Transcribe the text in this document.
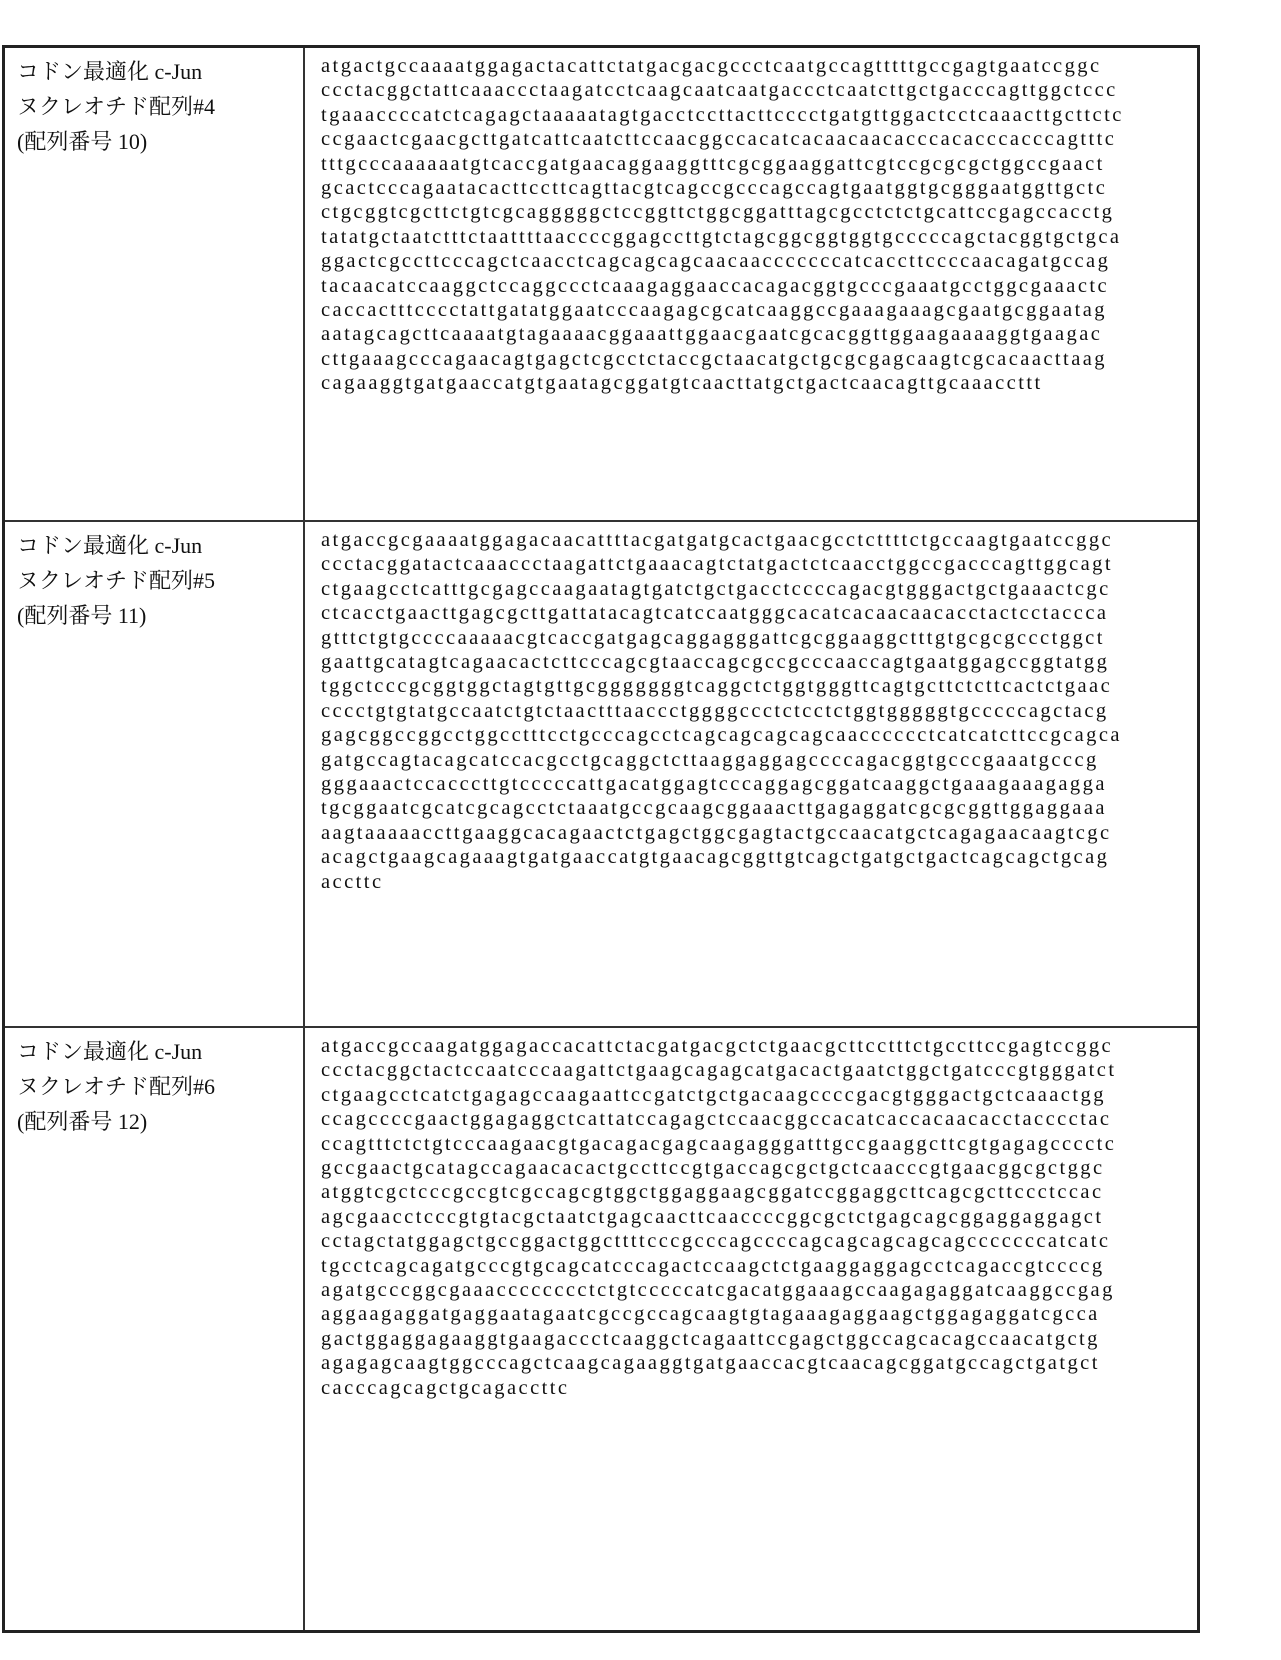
コドン最適化 c-Jun
ヌクレオチド配列#4
(配列番号 10)

atgactgccaaaatggagactacattctatgacgacgccctcaatgccagtttttgccgagtgaatccggc
ccctacggctattcaaaccctaagatcctcaagcaatcaatgaccctcaatcttgctgacccagttggctccc
tgaaaccccatctcagagctaaaaatagtgacctccttacttcccctgatgttggactcctcaaacttgcttctc
ccgaactcgaacgcttgatcattcaatcttccaacggccacatcacaacaacacccacacccacccagtttc
tttgcccaaaaaatgtcaccgatgaacaggaaggtttcgcggaaggattcgtccgcgcgctggccgaact
gcactcccagaatacacttccttcagttacgtcagccgcccagccagtgaatggtgcgggaatggttgctc
ctgcggtcgcttctgtcgcagggggctccggttctggcggatttagcgcctctctgcattccgagccacctg
tatatgctaatctttctaattttaaccccggagccttgtctagcggcggtggtgcccccagctacggtgctgca
ggactcgccttcccagctcaacctcagcagcagcaacaacccccccatcaccttccccaacagatgccag
tacaacatccaaggctccaggccctcaaagaggaaccacagacggtgcccgaaatgcctggcgaaactc
caccactttcccctattgatatggaatcccaagagcgcatcaaggccgaaagaaagcgaatgcggaatag
aatagcagcttcaaaatgtagaaaacggaaattggaacgaatcgcacggttggaagaaaaggtgaagac
cttgaaagcccagaacagtgagctcgcctctaccgctaacatgctgcgcgagcaagtcgcacaacttaag
cagaaggtgatgaaccatgtgaatagcggatgtcaacttatgctgactcaacagttgcaaaccttt

コドン最適化 c-Jun
ヌクレオチド配列#5
(配列番号 11)

atgaccgcgaaaatggagacaacattttacgatgatgcactgaacgcctcttttctgccaagtgaatccggc
ccctacggatactcaaaccctaagattctgaaacagtctatgactctcaacctggccgacccagttggcagt
ctgaagcctcatttgcgagccaagaatagtgatctgctgacctccccagacgtgggactgctgaaactcgc
ctcacctgaacttgagcgcttgattatacagtcatccaatgggcacatcacaacaacacctactcctaccca
gtttctgtgccccaaaaacgtcaccgatgagcaggagggattcgcggaaggctttgtgcgcgccctggct
gaattgcatagtcagaacactcttcccagcgtaaccagcgccgcccaaccagtgaatggagccggtatgg
tggctcccgcggtggctagtgttgcgggggggtcaggctctggtgggttcagtgcttctcttcactctgaac
cccctgtgtatgccaatctgtctaactttaaccctggggccctctcctctggtgggggtgcccccagctacg
gagcggccggcctggcctttcctgcccagcctcagcagcagcagcaacccccctcatcatcttccgcagca
gatgccagtacagcatccacgcctgcaggctcttaaggaggagccccagacggtgcccgaaatgcccg
gggaaactccacccttgtcccccattgacatggagtcccaggagcggatcaaggctgaaagaaagagga
tgcggaatcgcatcgcagcctctaaatgccgcaagcggaaacttgagaggatcgcgcggttggaggaaa
aagtaaaaaccttgaaggcacagaactctgagctggcgagtactgccaacatgctcagagaacaagtcgc
acagctgaagcagaaagtgatgaaccatgtgaacagcggttgtcagctgatgctgactcagcagctgcag
accttc

コドン最適化 c-Jun
ヌクレオチド配列#6
(配列番号 12)

atgaccgccaagatggagaccacattctacgatgacgctctgaacgcttcctttctgccttccgagtccggc
ccctacggctactccaatcccaagattctgaagcagagcatgacactgaatctggctgatcccgtgggatct
ctgaagcctcatctgagagccaagaattccgatctgctgacaagccccgacgtgggactgctcaaactgg
ccagccccgaactggagaggctcattatccagagctccaacggccacatcaccacaacacctacccctac
ccagtttctctgtcccaagaacgtgacagacgagcaagagggatttgccgaaggcttcgtgagagcccctc
gccgaactgcatagccagaacacactgccttccgtgaccagcgctgctcaacccgtgaacggcgctggc
atggtcgctcccgccgtcgccagcgtggctggaggaagcggatccggaggcttcagcgcttccctccac
agcgaacctcccgtgtacgctaatctgagcaacttcaaccccggcgctctgagcagcggaggaggagct
cctagctatggagctgccggactggcttttcccgcccagccccagcagcagcagcagcccccccatcatc
tgcctcagcagatgcccgtgcagcatcccagactccaagctctgaaggaggagcctcagaccgtccccg
agatgcccggcgaaacccccccctctgtcccccatcgacatggaaagccaagagaggatcaaggccgag
aggaagaggatgaggaatagaatcgccgccagcaagtgtagaaagaggaagctggagaggatcgcca
gactggaggagaaggtgaagaccctcaaggctcagaattccgagctggccagcacagccaacatgctg
agagagcaagtggcccagctcaagcagaaggtgatgaaccacgtcaacagcggatgccagctgatgct
cacccagcagctgcagaccttc
